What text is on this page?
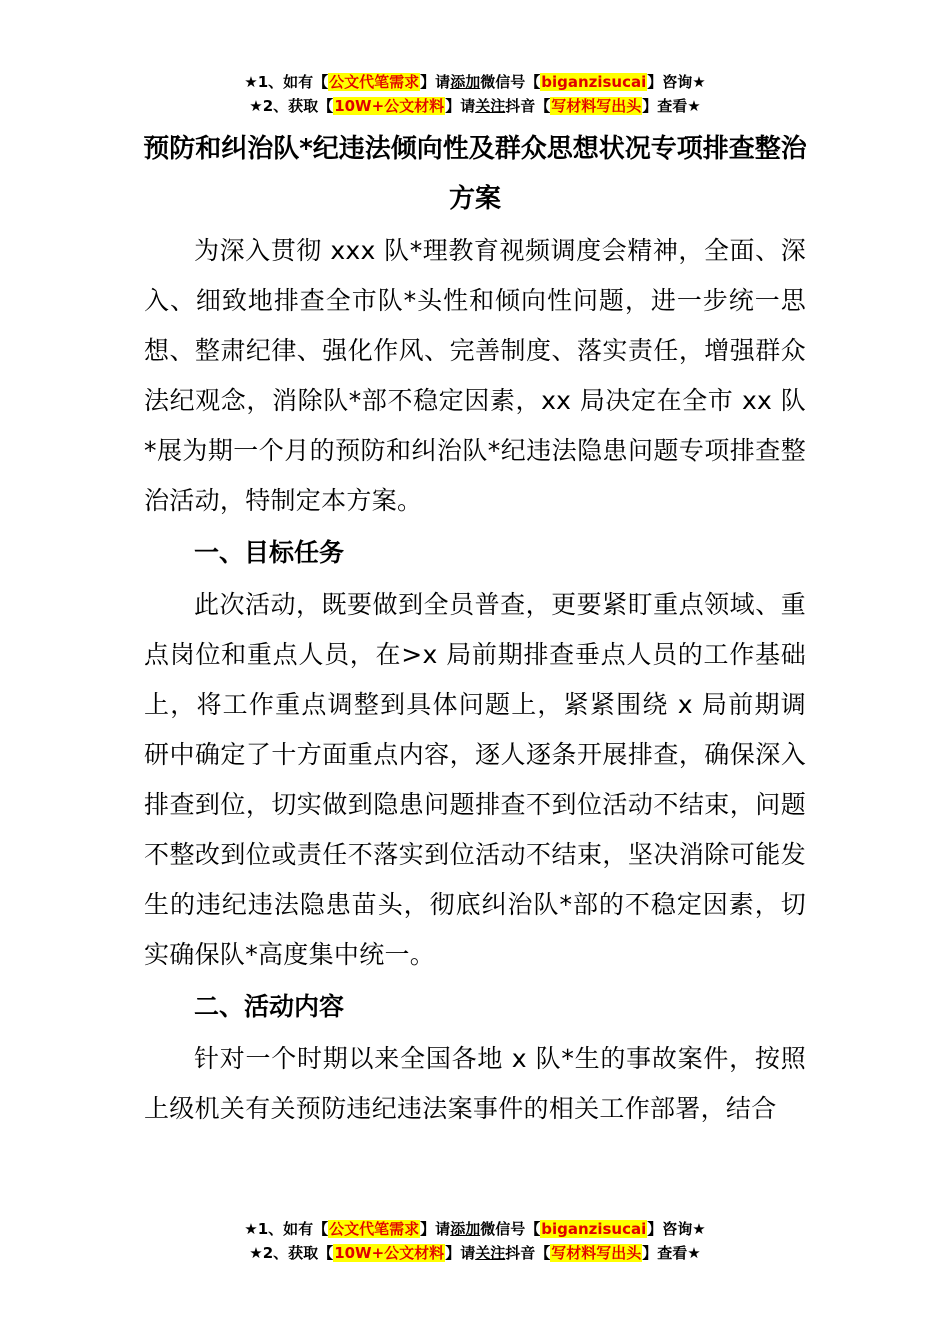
★1、如有【公文代笔需求】请添加微信号【biganzisucai】咨询★
★2、获取【10W+公文材料】请关注抖音【写材料写出头】查看★
预防和纠治队*纪违法倾向性及群众思想状况专项排查整治
方案

为深入贯彻 xxx 队*理教育视频调度会精神，全面、深入、细致地排查全市队*头性和倾向性问题，进一步统一思想、整肃纪律、强化作风、完善制度、落实责任，增强群众法纪观念，消除队*部不稳定因素，xx 局决定在全市 xx 队*展为期一个月的预防和纠治队*纪违法隐患问题专项排查整治活动，特制定本方案。

一、目标任务

此次活动，既要做到全员普查，更要紧盯重点领域、重点岗位和重点人员，在>x 局前期排查垂点人员的工作基础上，将工作重点调整到具体问题上，紧紧围绕 x 局前期调研中确定了十方面重点内容，逐人逐条开展排查，确保深入排查到位，切实做到隐患问题排查不到位活动不结束，问题不整改到位或责任不落实到位活动不结束，坚决消除可能发生的违纪违法隐患苗头，彻底纠治队*部的不稳定因素，切实确保队*高度集中统一。

二、活动内容

针对一个时期以来全国各地 x 队*生的事故案件，按照上级机关有关预防违纪违法案事件的相关工作部署，结合

★1、如有【公文代笔需求】请添加微信号【biganzisucai】咨询★
★2、获取【10W+公文材料】请关注抖音【写材料写出头】查看★
